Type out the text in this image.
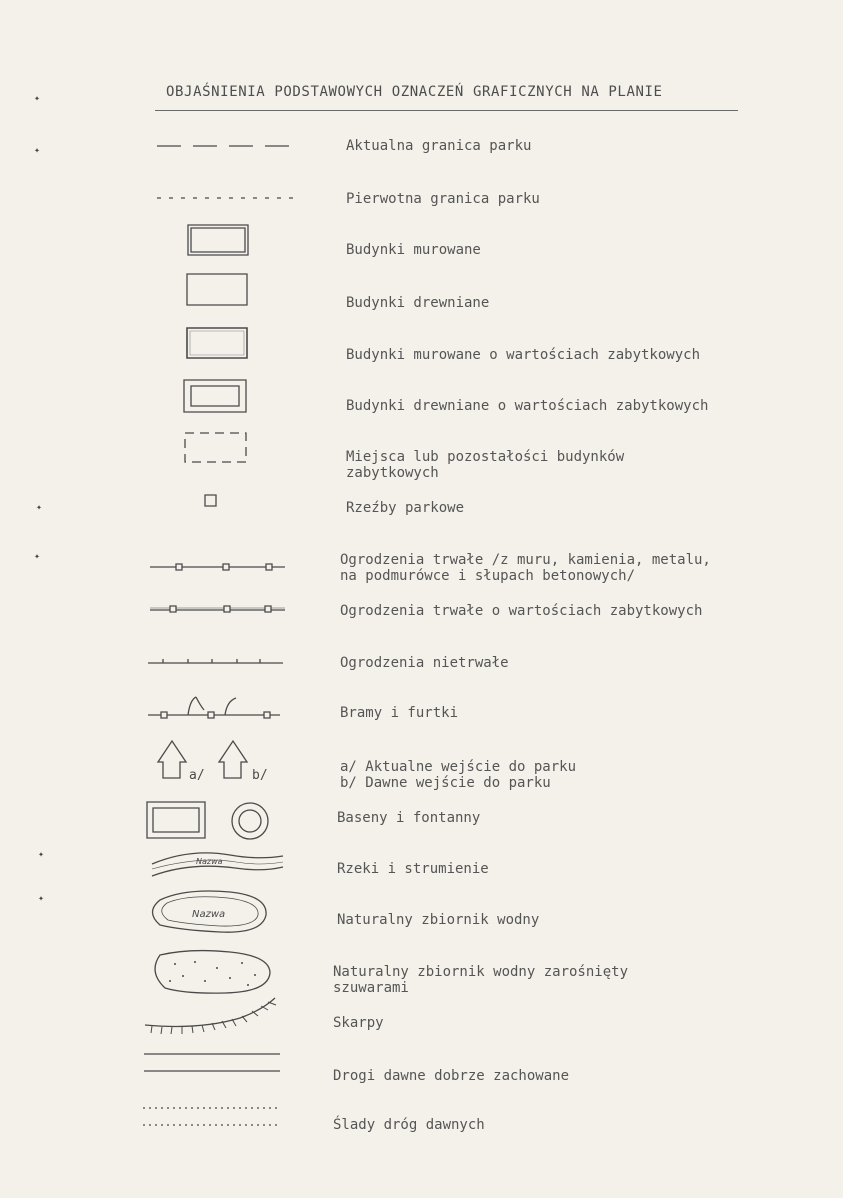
OBJAŚNIENIA PODSTAWOWYCH OZNACZEŃ GRAFICZNYCH NA PLANIE
✦
✦
✦
✦
✦
✦
a/	b/
Nazwa
Nazwa
Aktualna granica parku
Pierwotna granica parku
Budynki murowane
Budynki drewniane
Budynki murowane o wartościach zabytkowych
Budynki drewniane o wartościach zabytkowych
Miejsca lub pozostałości budynków
zabytkowych
Rzeźby parkowe
Ogrodzenia trwałe /z muru, kamienia, metalu,
na podmurówce i słupach betonowych/
Ogrodzenia trwałe o wartościach zabytkowych
Ogrodzenia nietrwałe
Bramy i furtki
a/ Aktualne wejście do parku
b/ Dawne wejście do parku
Baseny i fontanny
Rzeki i strumienie
Naturalny zbiornik wodny
Naturalny zbiornik wodny zarośnięty
szuwarami
Skarpy
Drogi dawne dobrze zachowane
Ślady dróg dawnych
